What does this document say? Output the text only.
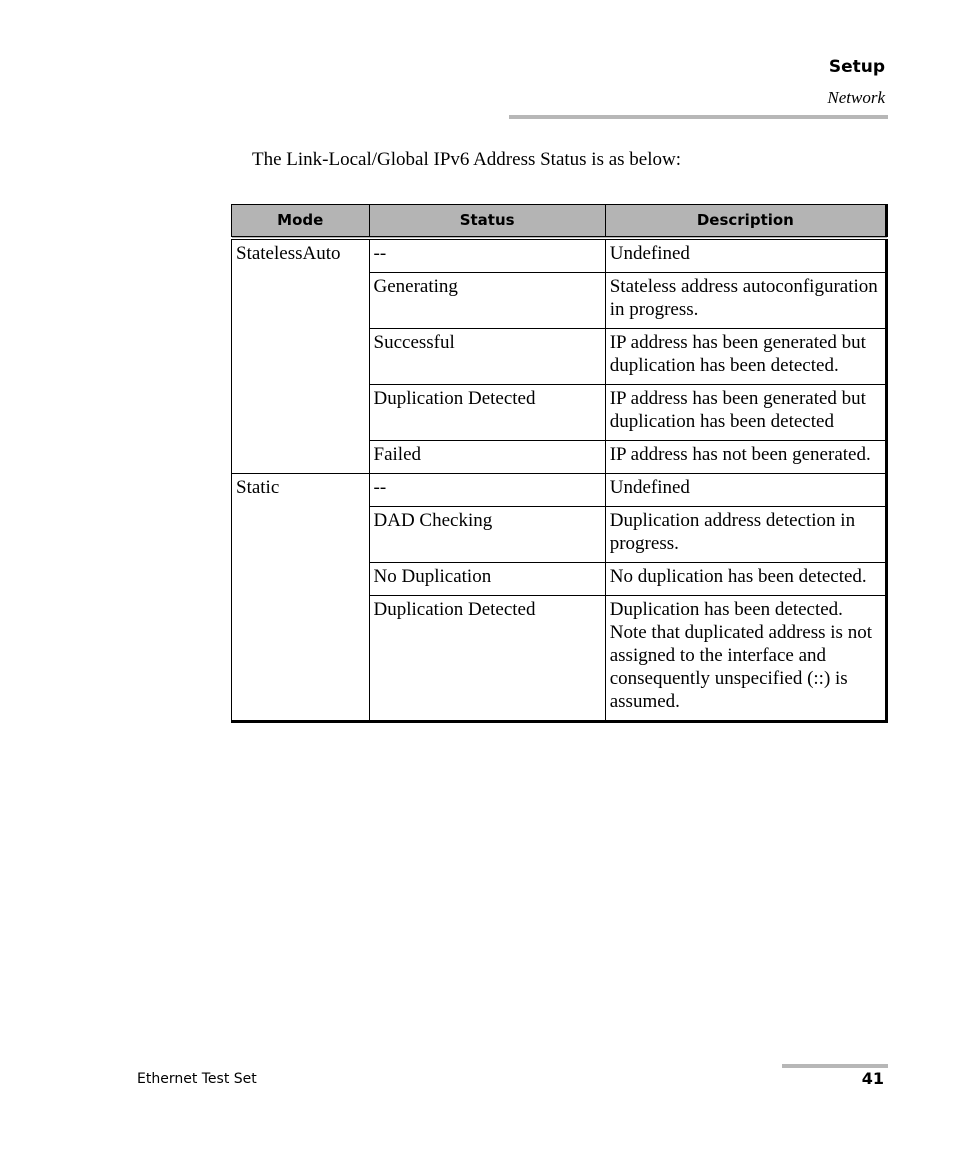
Setup
Network
The Link-Local/Global IPv6 Address Status is as below:
Mode	Status	Description
StatelessAuto	--	Undefined
	Generating	Stateless address autoconfiguration in progress.
	Successful	IP address has been generated but duplication has been detected.
	Duplication Detected	IP address has been generated but duplication has been detected
	Failed	IP address has not been generated.
Static	--	Undefined
	DAD Checking	Duplication address detection in progress.
	No Duplication	No duplication has been detected.
	Duplication Detected	Duplication has been detected. Note that duplicated address is not assigned to the interface and consequently unspecified (::) is assumed.
Ethernet Test Set	41
